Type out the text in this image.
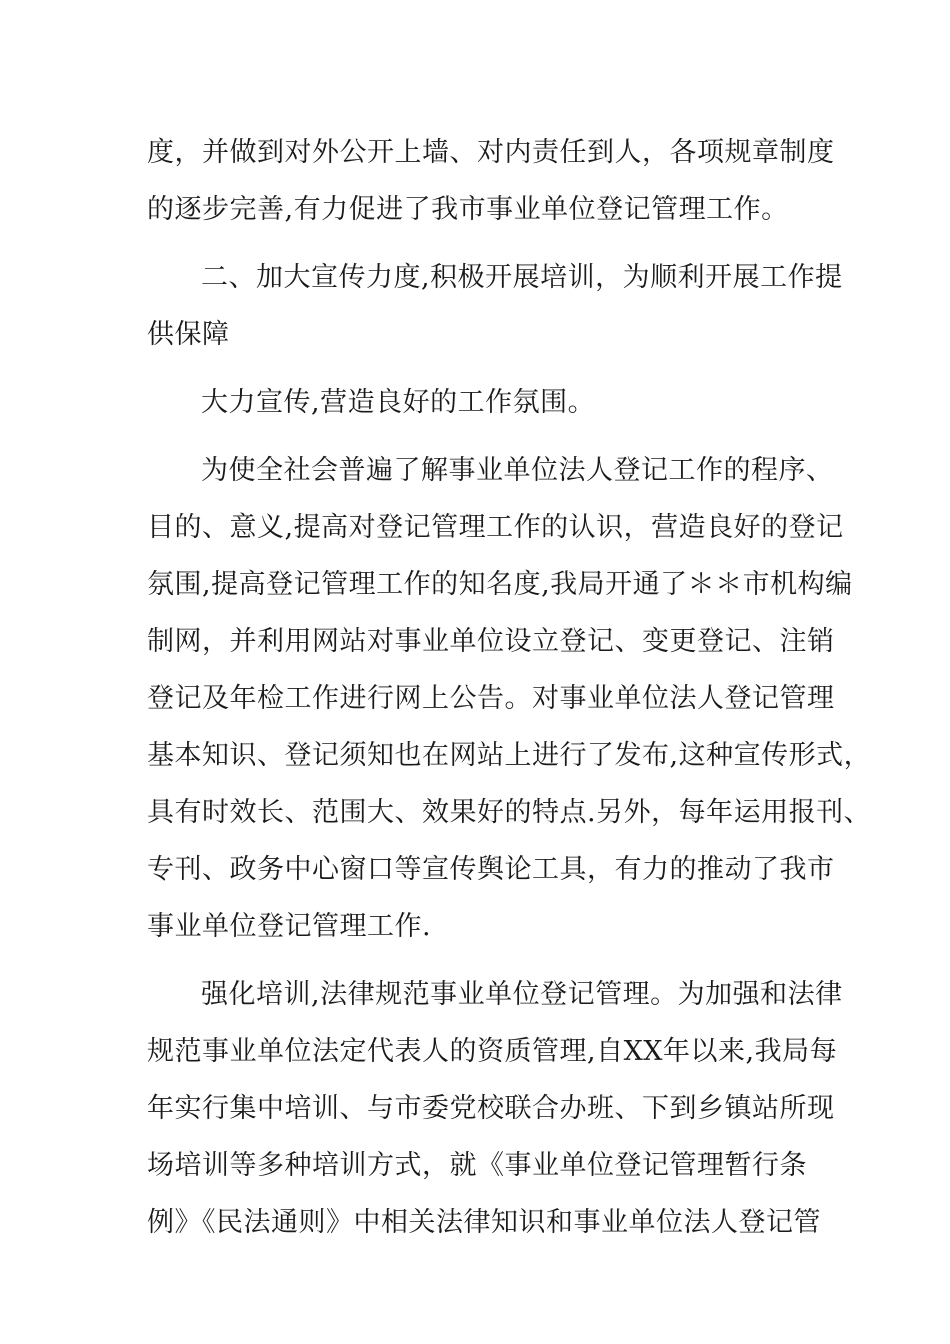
度，并做到对外公开上墙、对内责任到人，各项规章制度
的逐步完善,有力促进了我市事业单位登记管理工作。
二、加大宣传力度,积极开展培训，为顺利开展工作提
供保障
大力宣传,营造良好的工作氛围。
为使全社会普遍了解事业单位法人登记工作的程序、
目的、意义,提高对登记管理工作的认识，营造良好的登记
氛围,提高登记管理工作的知名度,我局开通了＊＊市机构编
制网，并利用网站对事业单位设立登记、变更登记、注销
登记及年检工作进行网上公告。对事业单位法人登记管理
基本知识、登记须知也在网站上进行了发布,这种宣传形式，
具有时效长、范围大、效果好的特点.另外，每年运用报刊、
专刊、政务中心窗口等宣传舆论工具，有力的推动了我市
事业单位登记管理工作.
强化培训,法律规范事业单位登记管理。为加强和法律
规范事业单位法定代表人的资质管理,自XX年以来,我局每
年实行集中培训、与市委党校联合办班、下到乡镇站所现
场培训等多种培训方式，就《事业单位登记管理暂行条
例》《民法通则》中相关法律知识和事业单位法人登记管
